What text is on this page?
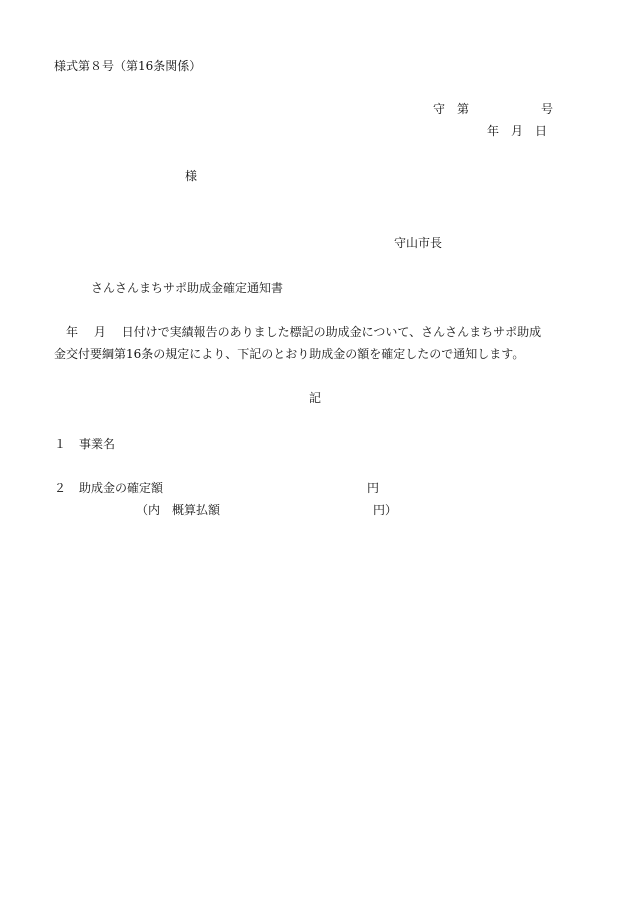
様式第８号（第16条関係）
守　第　　　　　　号
年　月　日
様
守山市長
さんさんまちサポ助成金確定通知書
　年　 月　 日付けで実績報告のありました標記の助成金について、さんさんまちサポ助成
金交付要綱第16条の規定により、下記のとおり助成金の額を確定したので通知します。
記
１ 事業名
２ 助成金の確定額	円
（内　概算払額	円）
